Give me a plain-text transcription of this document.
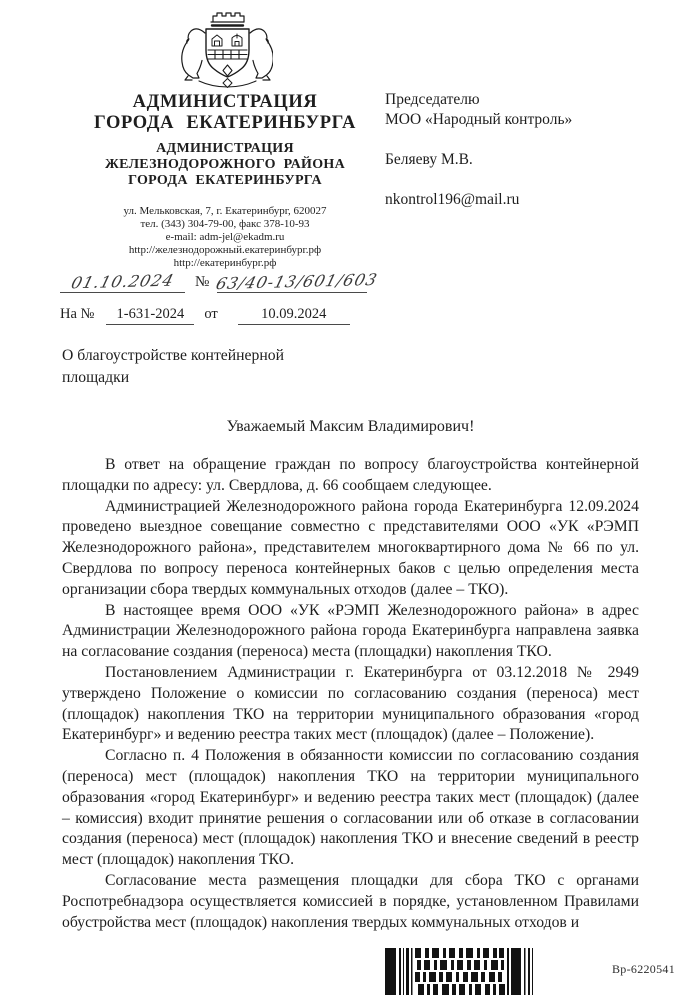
АДМИНИСТРАЦИЯ
ГОРОДА ЕКАТЕРИНБУРГА
АДМИНИСТРАЦИЯ
ЖЕЛЕЗНОДОРОЖНОГО РАЙОНА
ГОРОДА ЕКАТЕРИНБУРГА
ул. Мельковская, 7, г. Екатеринбург, 620027
тел. (343) 304-79-00, факс 378-10-93
e-mail: adm-jel@ekadm.ru
http://железнодорожный.екатеринбург.рф
http://екатеринбург.рф
Председателю
МОО «Народный контроль»
Беляеву М.В.
nkontrol196@mail.ru
01.10.2024	№ 63/40-13/601/603
На №	1-631-2024	от	10.09.2024
О благоустройстве контейнерной площадки
Уважаемый Максим Владимирович!

В ответ на обращение граждан по вопросу благоустройства контейнерной площадки по адресу: ул. Свердлова, д. 66 сообщаем следующее.

Администрацией Железнодорожного района города Екатеринбурга 12.09.2024 проведено выездное совещание совместно с представителями ООО «УК «РЭМП Железнодорожного района», представителем многоквартирного дома № 66 по ул. Свердлова по вопросу переноса контейнерных баков с целью определения места организации сбора твердых коммунальных отходов (далее – ТКО).

В настоящее время ООО «УК «РЭМП Железнодорожного района» в адрес Администрации Железнодорожного района города Екатеринбурга направлена заявка на согласование создания (переноса) места (площадки) накопления ТКО.

Постановлением Администрации г. Екатеринбурга от 03.12.2018 № 2949 утверждено Положение о комиссии по согласованию создания (переноса) мест (площадок) накопления ТКО на территории муниципального образования «город Екатеринбург» и ведению реестра таких мест (площадок) (далее – Положение).

Согласно п. 4 Положения в обязанности комиссии по согласованию создания (переноса) мест (площадок) накопления ТКО на территории муниципального образования «город Екатеринбург» и ведению реестра таких мест (площадок) (далее – комиссия) входит принятие решения о согласовании или об отказе в согласовании создания (переноса) мест (площадок) накопления ТКО и внесение сведений в реестр мест (площадок) накопления ТКО.

Согласование места размещения площадки для сбора ТКО с органами Роспотребнадзора осуществляется комиссией в порядке, установленном Правилами обустройства мест (площадок) накопления твердых коммунальных отходов и

Вр-6220541
